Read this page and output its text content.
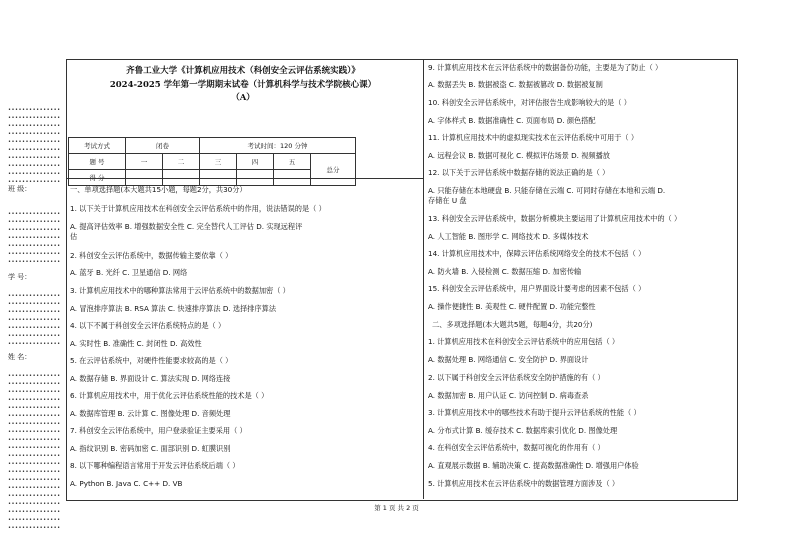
•••••••••••••••
•••••••••••••••
•••••••••••••••
•••••••••••••••
•••••••••••••••
•••••••••••••••
•••••••••••••••
•••••••••••••••
•••••••••••••••
•••••••••••••••
班 级：
•••••••••••••••
•••••••••••••••
•••••••••••••••
•••••••••••••••
•••••••••••••••
•••••••••••••••
•••••••••••••••
学 号：
•••••••••••••••
•••••••••••••••
•••••••••••••••
•••••••••••••••
•••••••••••••••
•••••••••••••••
•••••••••••••••
姓 名：
•••••••••••••••
•••••••••••••••
•••••••••••••••
•••••••••••••••
•••••••••••••••
•••••••••••••••
•••••••••••••••
•••••••••••••••
•••••••••••••••
•••••••••••••••
•••••••••••••••
•••••••••••••••
•••••••••••••••
•••••••••••••••
•••••••••••••••
•••••••••••••••
•••••••••••••••
•••••••••••••••
•••••••••••••••
•••••••••••••••
齐鲁工业大学《计算机应用技术（科创安全云评估系统实践）》
2024-2025 学年第一学期期末试卷（计算机科学与技术学院核心课）
（A）
考试方式	闭卷		考试时间：120 分钟			
题 号	一	二	三	四	五	总分
得 分						
一、单项选择题(本大题共15小题，每题2分，共30分）
1. 以下关于计算机应用技术在科创安全云评估系统中的作用，说法错误的是（ ）
A. 提高评估效率 B. 增强数据安全性 C. 完全替代人工评估 D. 实现远程评
估
2. 科创安全云评估系统中，数据传输主要依靠（ ）
A. 蓝牙 B. 光纤 C. 卫星通信 D. 网络
3. 计算机应用技术中的哪种算法常用于云评估系统中的数据加密（ ）
A. 冒泡排序算法 B. RSA 算法 C. 快速排序算法 D. 选择排序算法
4. 以下不属于科创安全云评估系统特点的是（ ）
A. 实时性 B. 准确性 C. 封闭性 D. 高效性
5. 在云评估系统中，对硬件性能要求较高的是（ ）
A. 数据存储 B. 界面设计 C. 算法实现 D. 网络连接
6. 计算机应用技术中，用于优化云评估系统性能的技术是（ ）
A. 数据库管理 B. 云计算 C. 图像处理 D. 音频处理
7. 科创安全云评估系统中，用户登录验证主要采用（ ）
A. 指纹识别 B. 密码加密 C. 面部识别 D. 虹膜识别
8. 以下哪种编程语言常用于开发云评估系统后端（ ）
A. Python B. Java C. C++ D. VB
9. 计算机应用技术在云评估系统中的数据备份功能，主要是为了防止（ ）
A. 数据丢失 B. 数据被盗 C. 数据被篡改 D. 数据被复制
10. 科创安全云评估系统中，对评估报告生成影响较大的是（ ）
A. 字体样式 B. 数据准确性 C. 页面布局 D. 颜色搭配
11. 计算机应用技术中的虚拟现实技术在云评估系统中可用于（ ）
A. 远程会议 B. 数据可视化 C. 模拟评估场景 D. 视频播放
12. 以下关于云评估系统中数据存储的说法正确的是（ ）
A. 只能存储在本地硬盘 B. 只能存储在云端 C. 可同时存储在本地和云端 D.
存储在 U 盘
13. 科创安全云评估系统中，数据分析模块主要运用了计算机应用技术中的（ ）
A. 人工智能 B. 图形学 C. 网络技术 D. 多媒体技术
14. 计算机应用技术中，保障云评估系统网络安全的技术不包括（ ）
A. 防火墙 B. 入侵检测 C. 数据压缩 D. 加密传输
15. 科创安全云评估系统中，用户界面设计要考虑的因素不包括（ ）
A. 操作便捷性 B. 美观性 C. 硬件配置 D. 功能完整性
二、多项选择题(本大题共5题，每题4分，共20分)
1. 计算机应用技术在科创安全云评估系统中的应用包括（ ）
A. 数据处理 B. 网络通信 C. 安全防护 D. 界面设计
2. 以下属于科创安全云评估系统安全防护措施的有（ ）
A. 数据加密 B. 用户认证 C. 访问控制 D. 病毒查杀
3. 计算机应用技术中的哪些技术有助于提升云评估系统的性能（ ）
A. 分布式计算 B. 缓存技术 C. 数据库索引优化 D. 图像处理
4. 在科创安全云评估系统中，数据可视化的作用有（ ）
A. 直观展示数据 B. 辅助决策 C. 提高数据准确性 D. 增强用户体验
5. 计算机应用技术在云评估系统中的数据管理方面涉及（ ）
第 1 页 共 2 页
